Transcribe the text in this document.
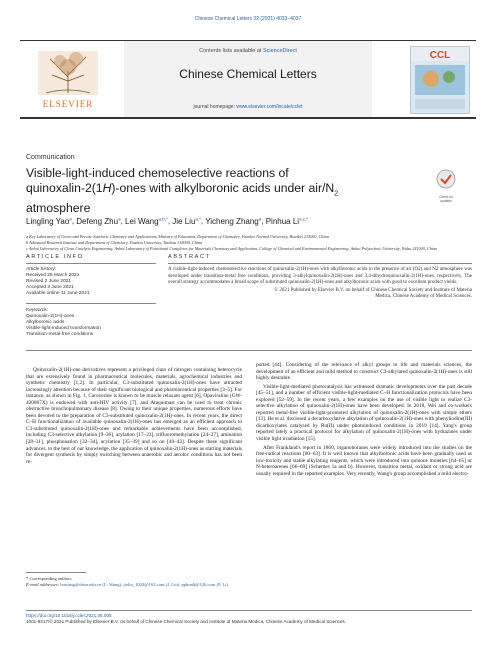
Chinese Chemical Letters 32 (2021) 4033–4037
ELSEVIER
Contents lists available at ScienceDirect
Chinese Chemical Letters
journal homepage: www.elsevier.com/locate/cclet
CCL
Communication
Visible-light-induced chemoselective reactions of
quinoxalin-2(1H)-ones with alkylboronic acids under air/$N_2$
atmosphere
Check for updates
Lingling Yao$^a$, Defeng Zhu$^a$, Lei Wang$^{a,b,*}$, Jie Liu$^{a,*}$, Yicheng Zhang$^a$, Pinhua $Li^{a,c,*}$
a Key Laboratory of Green and Precise Synthetic Chemistry and Applications, Ministry of Education, Department of Chemistry, Huaibei Normal University, Huaibei 235000, China
b Advanced Research Institute and Department of Chemistry, Taizhou University, Taizhou 318000, China
c Anhui Laboratory of Clean Catalytic Engineering, Anhui Laboratory of Functional Complexes for Materials Chemistry and Application, College of Chemical and Environmental Engineering, Anhui Polytechnic University, Wuhu 241000, China
ARTICLE INFO
Article history:
Received 28 March 2021
Revised 2 June 2021
Accepted 3 June 2021
Available online 11 June 2021
Keywords:
Quinoxalin-2(1H)-ones
Alkylboronic acids
Visible-light-induced transformation
Transition-metal-free conditions
ABSTRACT
A visible-light-induced chemoselective reactions of quinoxalin-2(1H)-ones with alkylboronic acids in the presence of air (O2) and N2 atmosphere was developed under transition-metal free conditions, providing 3-alkylquinoxalin-2(1H)-ones and 3,4-dihydroquinoxalin-2(1H)-ones, respectively. The overall strategy accommodates a broad scope of substituted quinoxalin-2(1H)-ones and alkylboronic acids with good to excellent product yields.
© 2021 Published by Elsevier B.V. on behalf of Chinese Chemical Society and Institute of Materia
Medica, Chinese Academy of Medical Sciences.

Quinoxalin-2(1H)-one derivatives represent a privileged class of nitrogen containing heterocycle that are extensively found in pharmaceutical molecules, materials, agrochemical industries and synthetic chemistry [1,2]. In particular, C3-substituted quinoxalin-2(1H)-ones have attracted increasingly attention because of their significant biological and pharmaceutical properties [3–5]. For instance, as shown in Fig. 1, Caroverine is known to be muscle relaxant agent [6], Opaviraline (GW-420867X) is endowed with anti-HIV activity [7], and Ataquimast can be used to treat chronic obstructive bronchopulmonary disease [8]. Owing to their unique properties, numerous efforts have been devoted to the preparation of C3-substituted quinoxalin-2(1H)-ones. In recent years, the direct C–H functionalization of available quinoxalin-2(1H)-ones has emerged as an efficient approach to C3-substituted quinoxalin-2(1H)-ones and remarkable achievements have been accomplished, including C3-selective alkylation [9–36], arylation [17–23], trifluoromethylation [24–27], amination [28–31], phosphonation [32–34], acylation [35–39] and so on [40–43]. Despite these significant advances, to the best of our knowledge, the application of quinoxalin-2(1H)-ones as starting materials for divergent synthesis by simply switching between anaerobic and aerobic conditions has not been re-

ported [44]. Considering of the relevance of alkyl groups in life and materials sciences, the development of an efficient and mild method to construct C3-alkylated quinoxalin-2(1H)-ones is still highly desirable.

Visible-light-mediated photocatalysis has witnessed dramatic developments over the past decade [45–51], and a number of efficient visible-light-mediated C–H functionalization protocols have been explored [52–59]. In the recent years, a few examples on the use of visible light to realize C3-selective alkylation of quinoxalin-2(1H)-ones have been developed. In 2018, Wei and co-workers reported metal-free visible-light-promoted alkylation of quinoxalin-2(1H)-ones with simple ethers [13]. He et al. disclosed a decarboxylative alkylation of quinoxalin-2(1H)-ones with phenyliodine(III) dicarboxylates catalysed by Ru(II) under photoinduced conditions in 2019 [14]. Yang's group reported lately a practical protocol for alkylation of quinoxalin-2(1H)-ones with hydrazines under visible light irradiation [15].

After Frankland's report in 1860, organoboranes were widely introduced into the studies on the free-radical reactions [60–63]. It is well known that alkylboronic acids have been gradually used as low-toxicity and stable alkylating reagents, which were introduced into quinone moieties [64–65] or N-heteroarenes [66–69] (Schemes 1a and b). However, transition metal, oxidant or strong acid are usually required in the reported examples. Very recently, Wang's group accomplished a mild electro-

* Corresponding authors.
E-mail addresses: leiwang@chnu.edu.cn (L. Wang), jieliu_1024@163.com (J. Liu), pphuali@126.com (P. Li).
https://doi.org/10.1016/j.cclet.2021.06.005
1001-8417/© 2021 Published by Elsevier B.V. on behalf of Chinese Chemical Society and Institute of Materia Medica, Chinese Academy of Medical Sciences.
